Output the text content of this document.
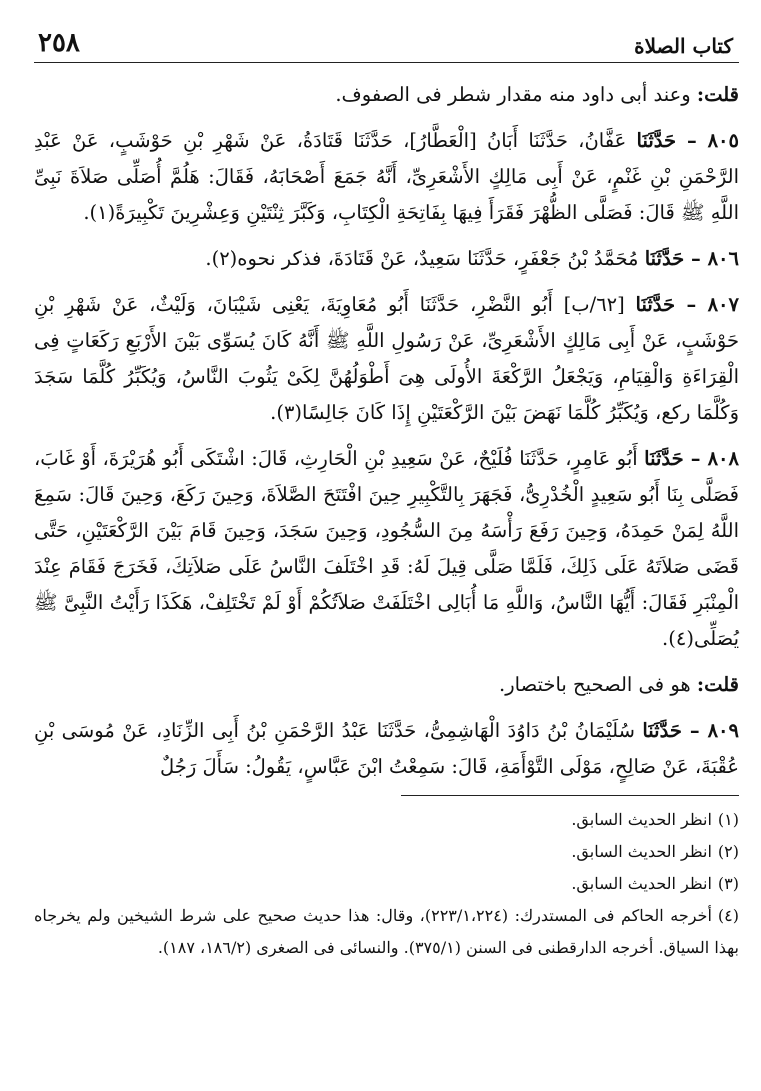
كتاب الصلاة
٢٥٨

قلت: وعند أبى داود منه مقدار شطر فى الصفوف.

٨٠٥ – حَدَّثَنَا عَفَّانُ، حَدَّثَنَا أَبَانُ [الْعَطَّارُ]، حَدَّثَنَا قَتَادَةُ، عَنْ شَهْرِ بْنِ حَوْشَبٍ، عَنْ عَبْدِ الرَّحْمَنِ بْنِ غَنْمٍ، عَنْ أَبِى مَالِكٍ الأَشْعَرِىِّ، أَنَّهُ جَمَعَ أَصْحَابَهُ، فَقَالَ: هَلُمَّ أُصَلِّى صَلاَةَ نَبِىِّ اللَّهِ ﷺ قَالَ: فَصَلَّى الظُّهْرَ فَقَرَأَ فِيهَا بِفَاتِحَةِ الْكِتَابِ، وَكَبَّرَ ثِنْتَيْنِ وَعِشْرِينَ تَكْبِيرَةً(١).

٨٠٦ – حَدَّثَنَا مُحَمَّدُ بْنُ جَعْفَرٍ، حَدَّثَنَا سَعِيدٌ، عَنْ قَتَادَةَ، فذكر نحوه(٢).

٨٠٧ – حَدَّثَنَا [٦٢/ب] أَبُو النَّضْرِ، حَدَّثَنَا أَبُو مُعَاوِيَةَ، يَعْنِى شَيْبَانَ، وَلَيْثٌ، عَنْ شَهْرِ بْنِ حَوْشَبٍ، عَنْ أَبِى مَالِكٍ الأَشْعَرِىِّ، عَنْ رَسُولِ اللَّهِ ﷺ أَنَّهُ كَانَ يُسَوِّى بَيْنَ الأَرْبَعِ رَكَعَاتٍ فِى الْقِرَاءَةِ وَالْقِيَامِ، وَيَجْعَلُ الرَّكْعَةَ الأُولَى هِىَ أَطْوَلُهُنَّ لِكَىْ يَثُوبَ النَّاسُ، وَيُكَبِّرُ كُلَّمَا سَجَدَ وَكُلَّمَا ركع، وَيُكَبِّرُ كُلَّمَا نَهَضَ بَيْنَ الرَّكْعَتَيْنِ إِذَا كَانَ جَالِسًا(٣).

٨٠٨ – حَدَّثَنَا أَبُو عَامِرٍ، حَدَّثَنَا فُلَيْحٌ، عَنْ سَعِيدِ بْنِ الْحَارِثِ، قَالَ: اشْتَكَى أَبُو هُرَيْرَةَ، أَوْ غَابَ، فَصَلَّى بِنَا أَبُو سَعِيدٍ الْخُدْرِىُّ، فَجَهَرَ بِالتَّكْبِيرِ حِينَ افْتَتَحَ الصَّلاَةَ، وَحِينَ رَكَعَ، وَحِينَ قَالَ: سَمِعَ اللَّهُ لِمَنْ حَمِدَهُ، وَحِينَ رَفَعَ رَأْسَهُ مِنَ السُّجُودِ، وَحِينَ سَجَدَ، وَحِينَ قَامَ بَيْنَ الرَّكْعَتَيْنِ، حَتَّى قَضَى صَلاَتَهُ عَلَى ذَلِكَ، فَلَمَّا صَلَّى قِيلَ لَهُ: قَدِ اخْتَلَفَ النَّاسُ عَلَى صَلاَتِكَ، فَخَرَجَ فَقَامَ عِنْدَ الْمِنْبَرِ فَقَالَ: أَيُّهَا النَّاسُ، وَاللَّهِ مَا أُبَالِى اخْتَلَفَتْ صَلاَتُكُمْ أَوْ لَمْ تَخْتَلِفْ، هَكَذَا رَأَيْتُ النَّبِىَّ ﷺ يُصَلِّى(٤).

قلت: هو فى الصحيح باختصار.

٨٠٩ – حَدَّثَنَا سُلَيْمَانُ بْنُ دَاوُدَ الْهَاشِمِىُّ، حَدَّثَنَا عَبْدُ الرَّحْمَنِ بْنُ أَبِى الزِّنَادِ، عَنْ مُوسَى بْنِ عُقْبَةَ، عَنْ صَالِحٍ، مَوْلَى التَّوْأَمَةِ، قَالَ: سَمِعْتُ ابْنَ عَبَّاسٍ، يَقُولُ: سَأَلَ رَجُلٌ

(١)انظر الحديث السابق.

(٢)انظر الحديث السابق.

(٣)انظر الحديث السابق.

(٤)أخرجه الحاكم فى المستدرك: (٢٢٣/١،٢٢٤)، وقال: هذا حديث صحيح على شرط الشيخين ولم يخرجاه بهذا السياق. أخرجه الدارقطنى فى السنن (٣٧٥/١). والنسائى فى الصغرى (١٨٦/٢، ١٨٧).
